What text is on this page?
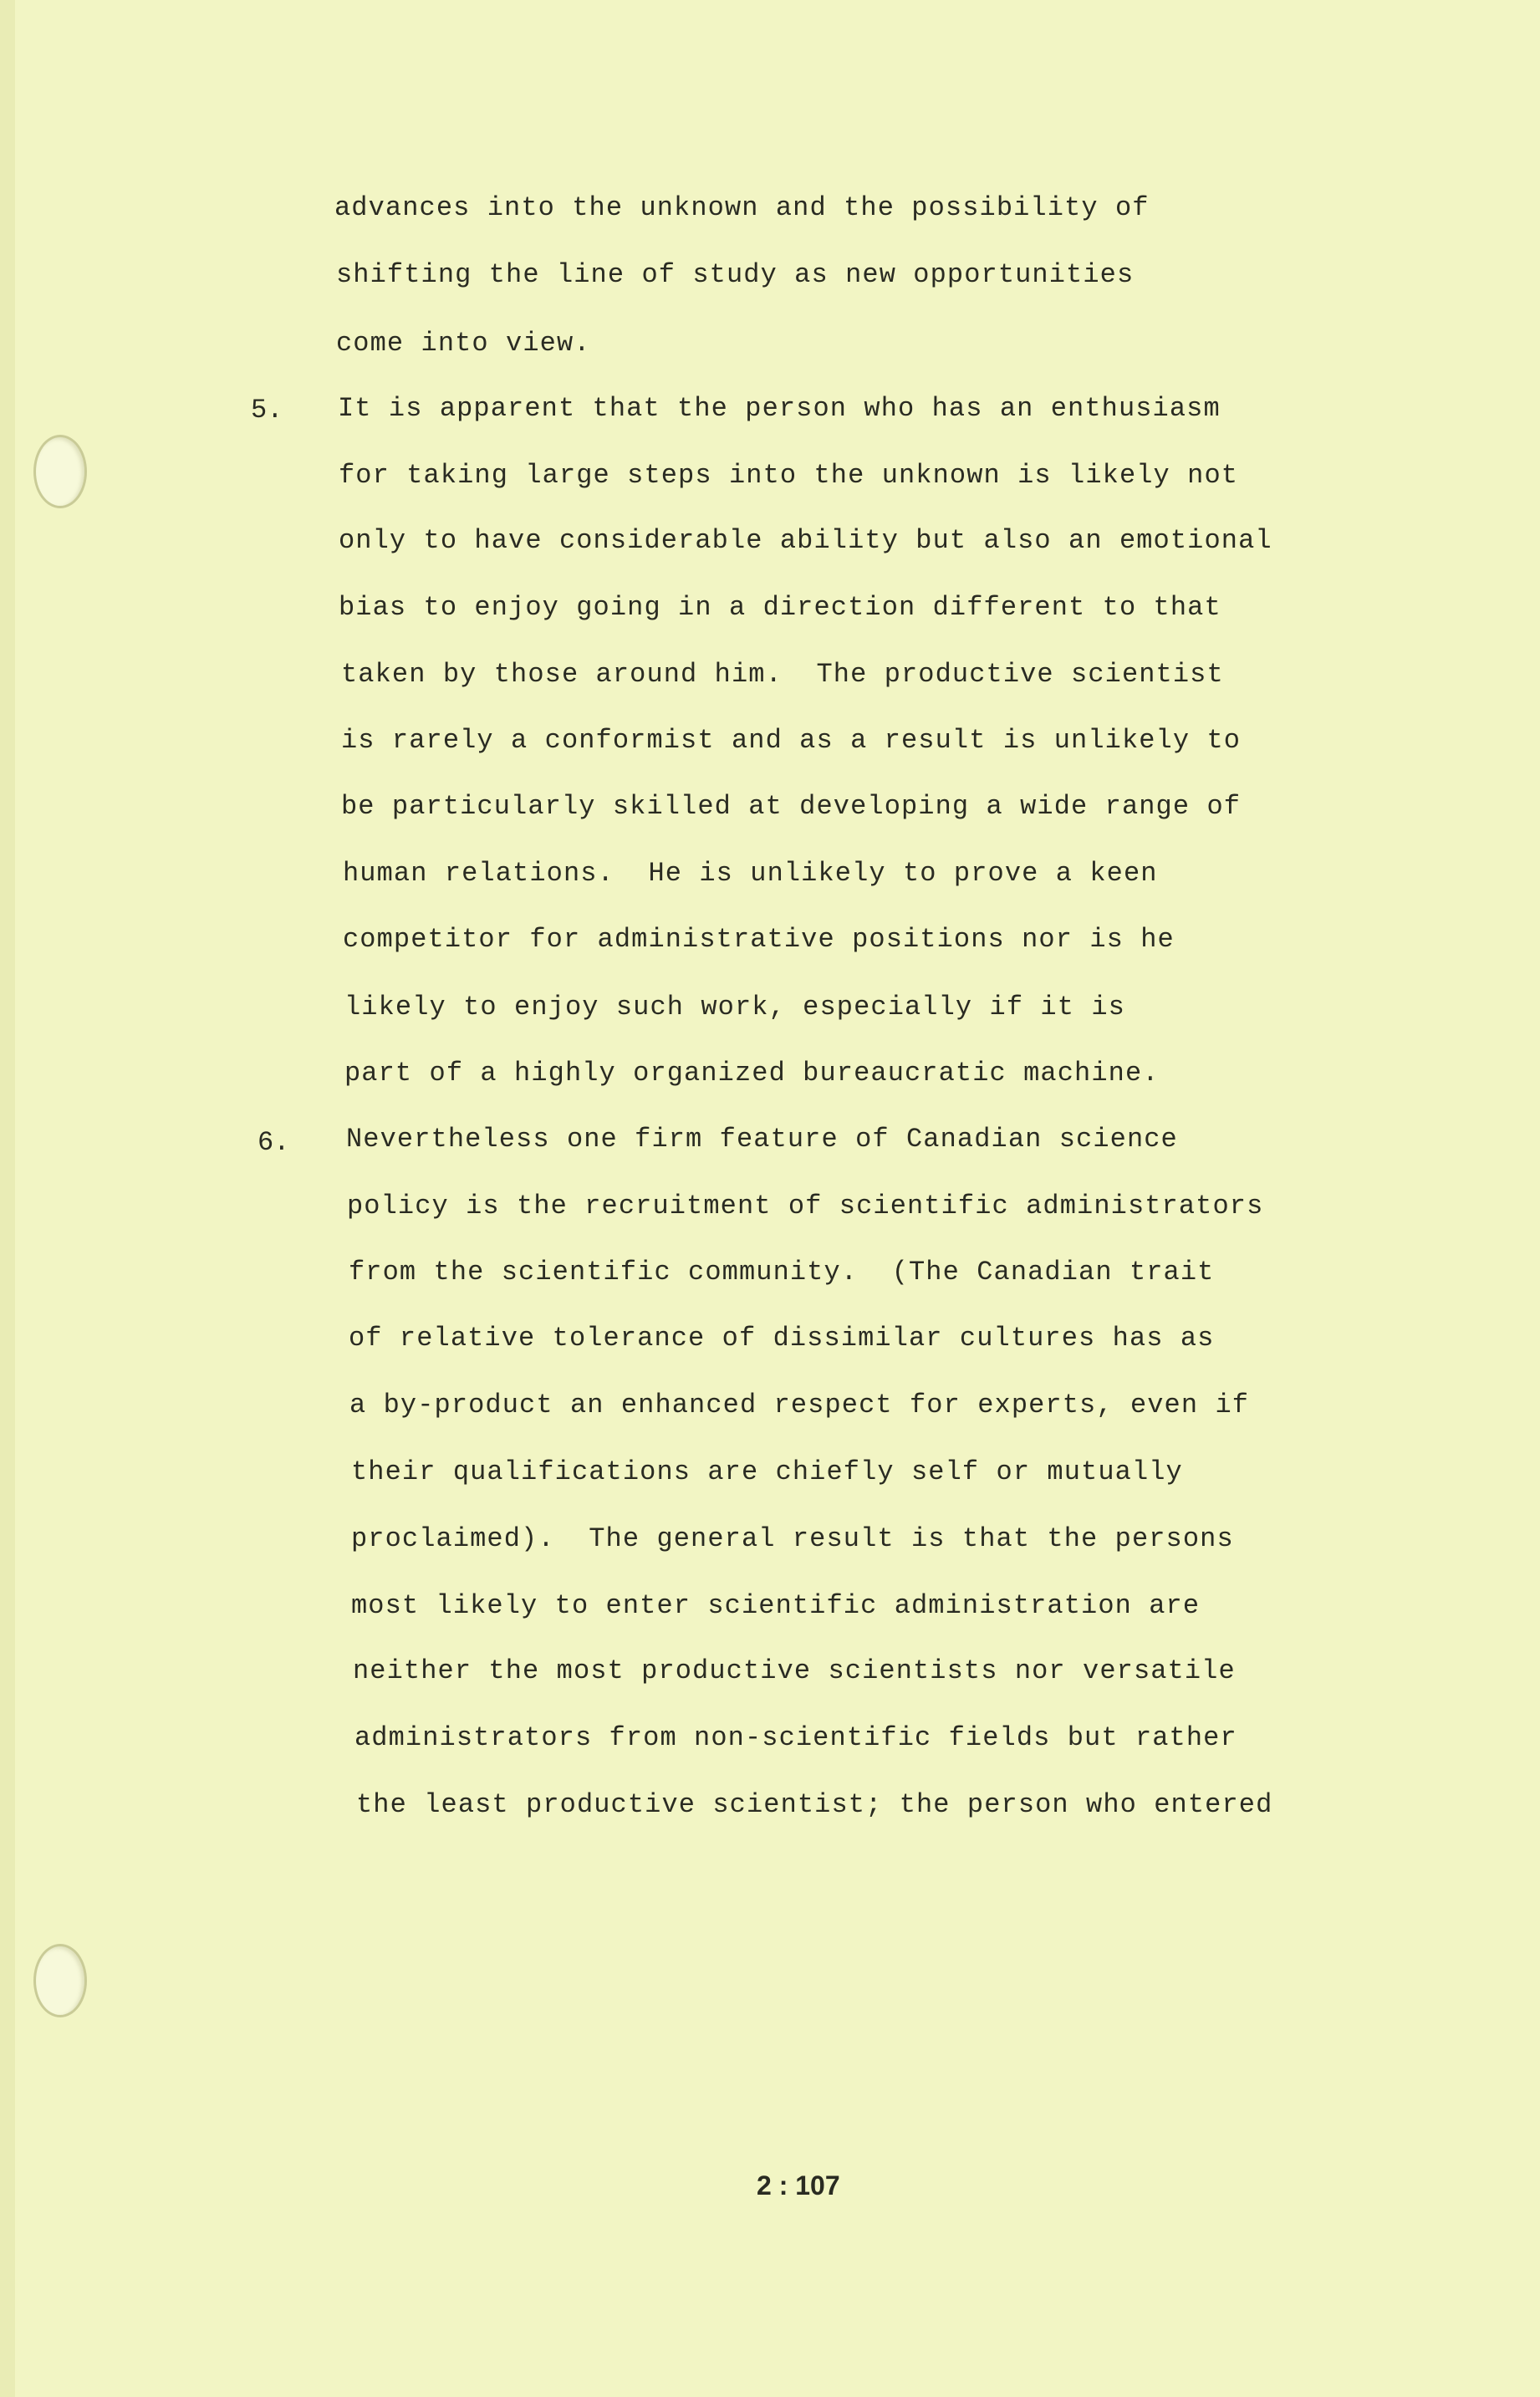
advances into the unknown and the possibility of
shifting the line of study as new opportunities
come into view.
5. It is apparent that the person who has an enthusiasm
for taking large steps into the unknown is likely not
only to have considerable ability but also an emotional
bias to enjoy going in a direction different to that
taken by those around him.  The productive scientist
is rarely a conformist and as a result is unlikely to
be particularly skilled at developing a wide range of
human relations.  He is unlikely to prove a keen
competitor for administrative positions nor is he
likely to enjoy such work, especially if it is
part of a highly organized bureaucratic machine.
6. Nevertheless one firm feature of Canadian science
policy is the recruitment of scientific administrators
from the scientific community.  (The Canadian trait
of relative tolerance of dissimilar cultures has as
a by-product an enhanced respect for experts, even if
their qualifications are chiefly self or mutually
proclaimed).  The general result is that the persons
most likely to enter scientific administration are
neither the most productive scientists nor versatile
administrators from non-scientific fields but rather
the least productive scientist; the person who entered
2 : 107
